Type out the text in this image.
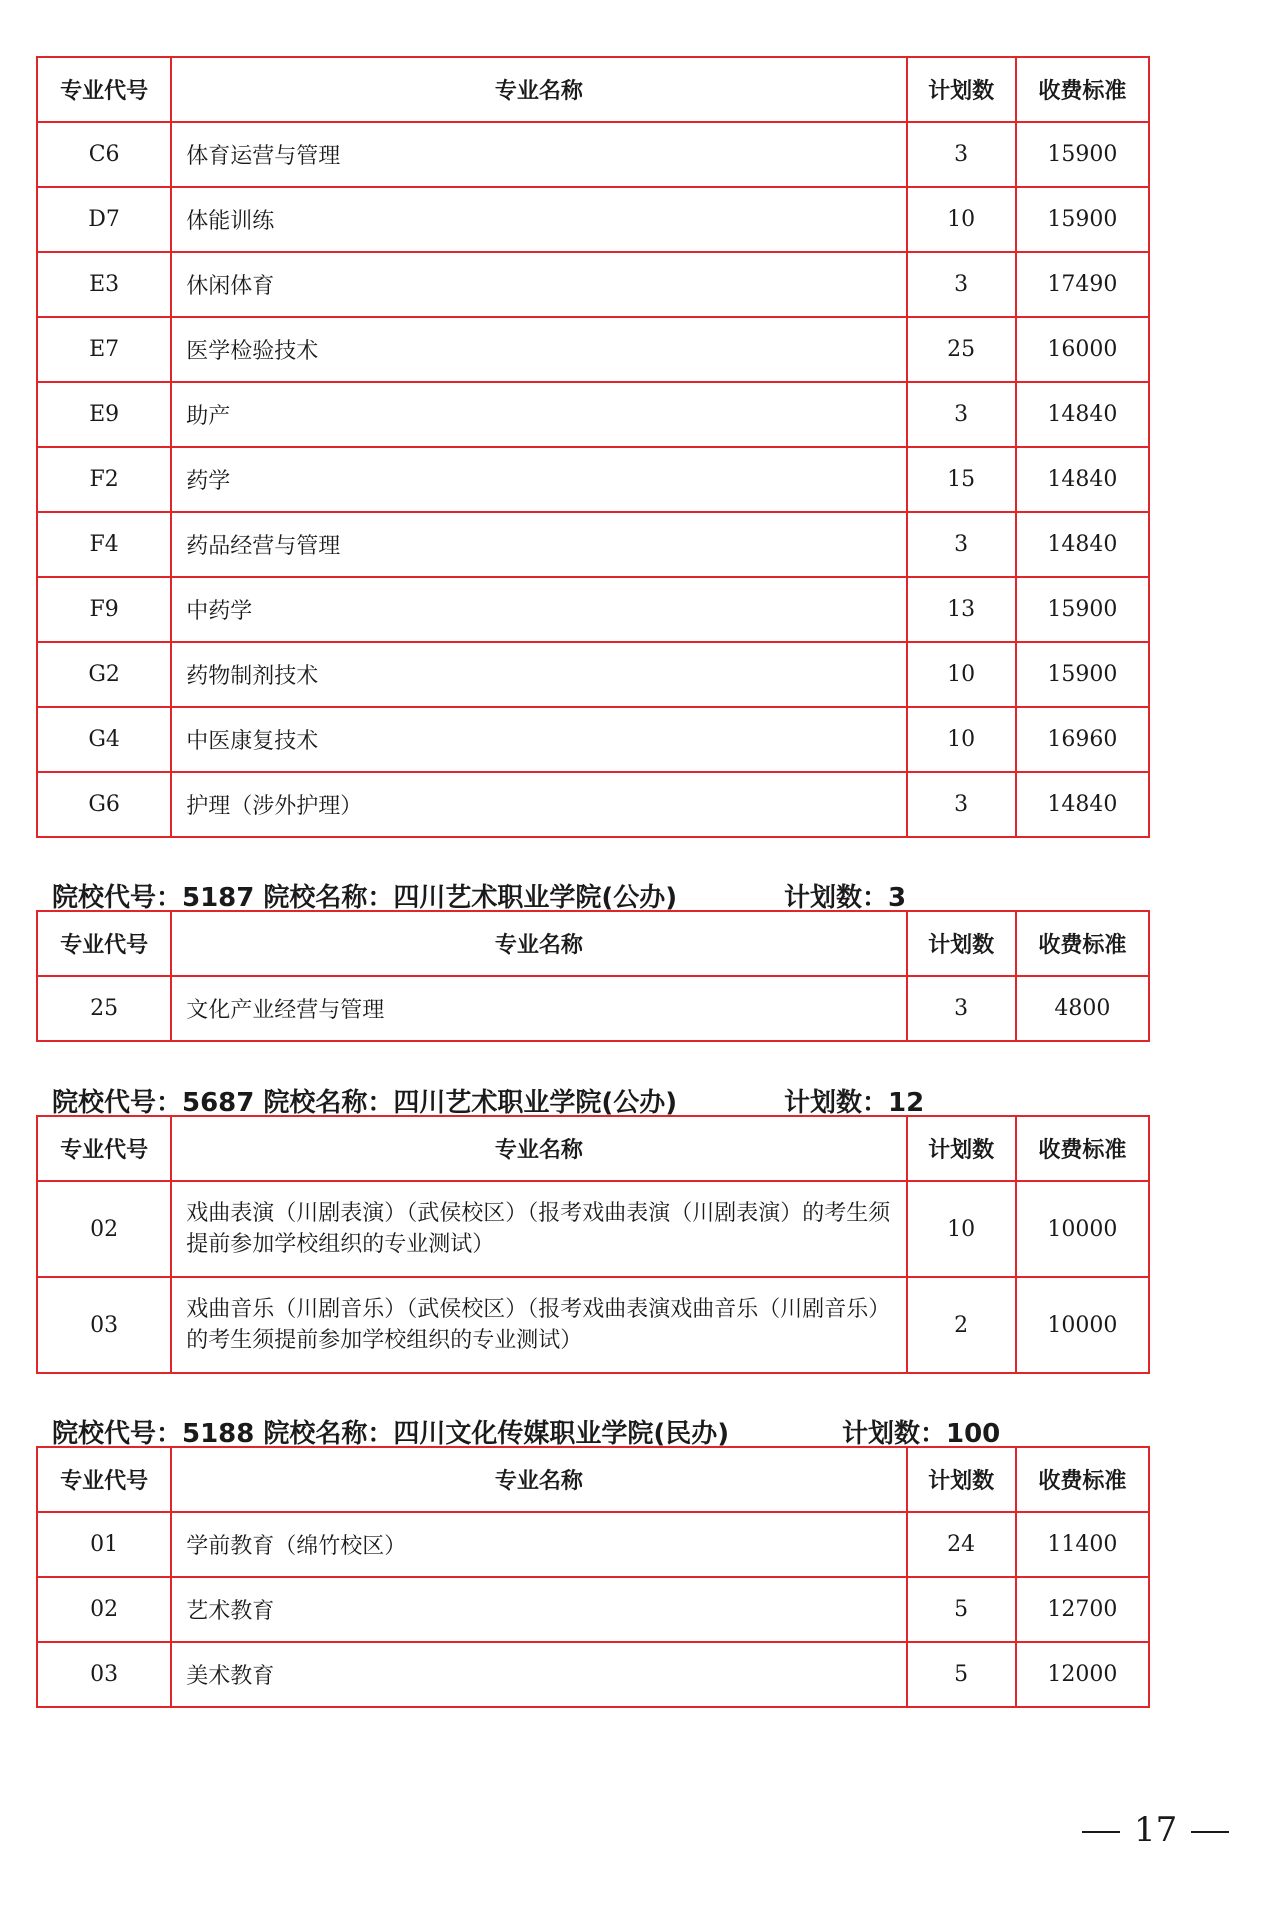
专业代号	专业名称	计划数	收费标准
C6	体育运营与管理	3	15900
D7	体能训练	10	15900
E3	休闲体育	3	17490
E7	医学检验技术	25	16000
E9	助产	3	14840
F2	药学	15	14840
F4	药品经营与管理	3	14840
F9	中药学	13	15900
G2	药物制剂技术	10	15900
G4	中医康复技术	10	16960
G6	护理（涉外护理）	3	14840
院校代号：5187 院校名称：四川艺术职业学院(公办)	计划数：3
专业代号	专业名称	计划数	收费标准
25	文化产业经营与管理	3	4800
院校代号：5687 院校名称：四川艺术职业学院(公办)	计划数：12
专业代号	专业名称	计划数	收费标准
02	戏曲表演（川剧表演）（武侯校区）（报考戏曲表演（川剧表演）的考生须提前参加学校组织的专业测试）	10	10000
03	戏曲音乐（川剧音乐）（武侯校区）（报考戏曲表演戏曲音乐（川剧音乐）的考生须提前参加学校组织的专业测试）	2	10000
院校代号：5188 院校名称：四川文化传媒职业学院(民办)	计划数：100
专业代号	专业名称	计划数	收费标准
01	学前教育（绵竹校区）	24	11400
02	艺术教育	5	12700
03	美术教育	5	12000
17
